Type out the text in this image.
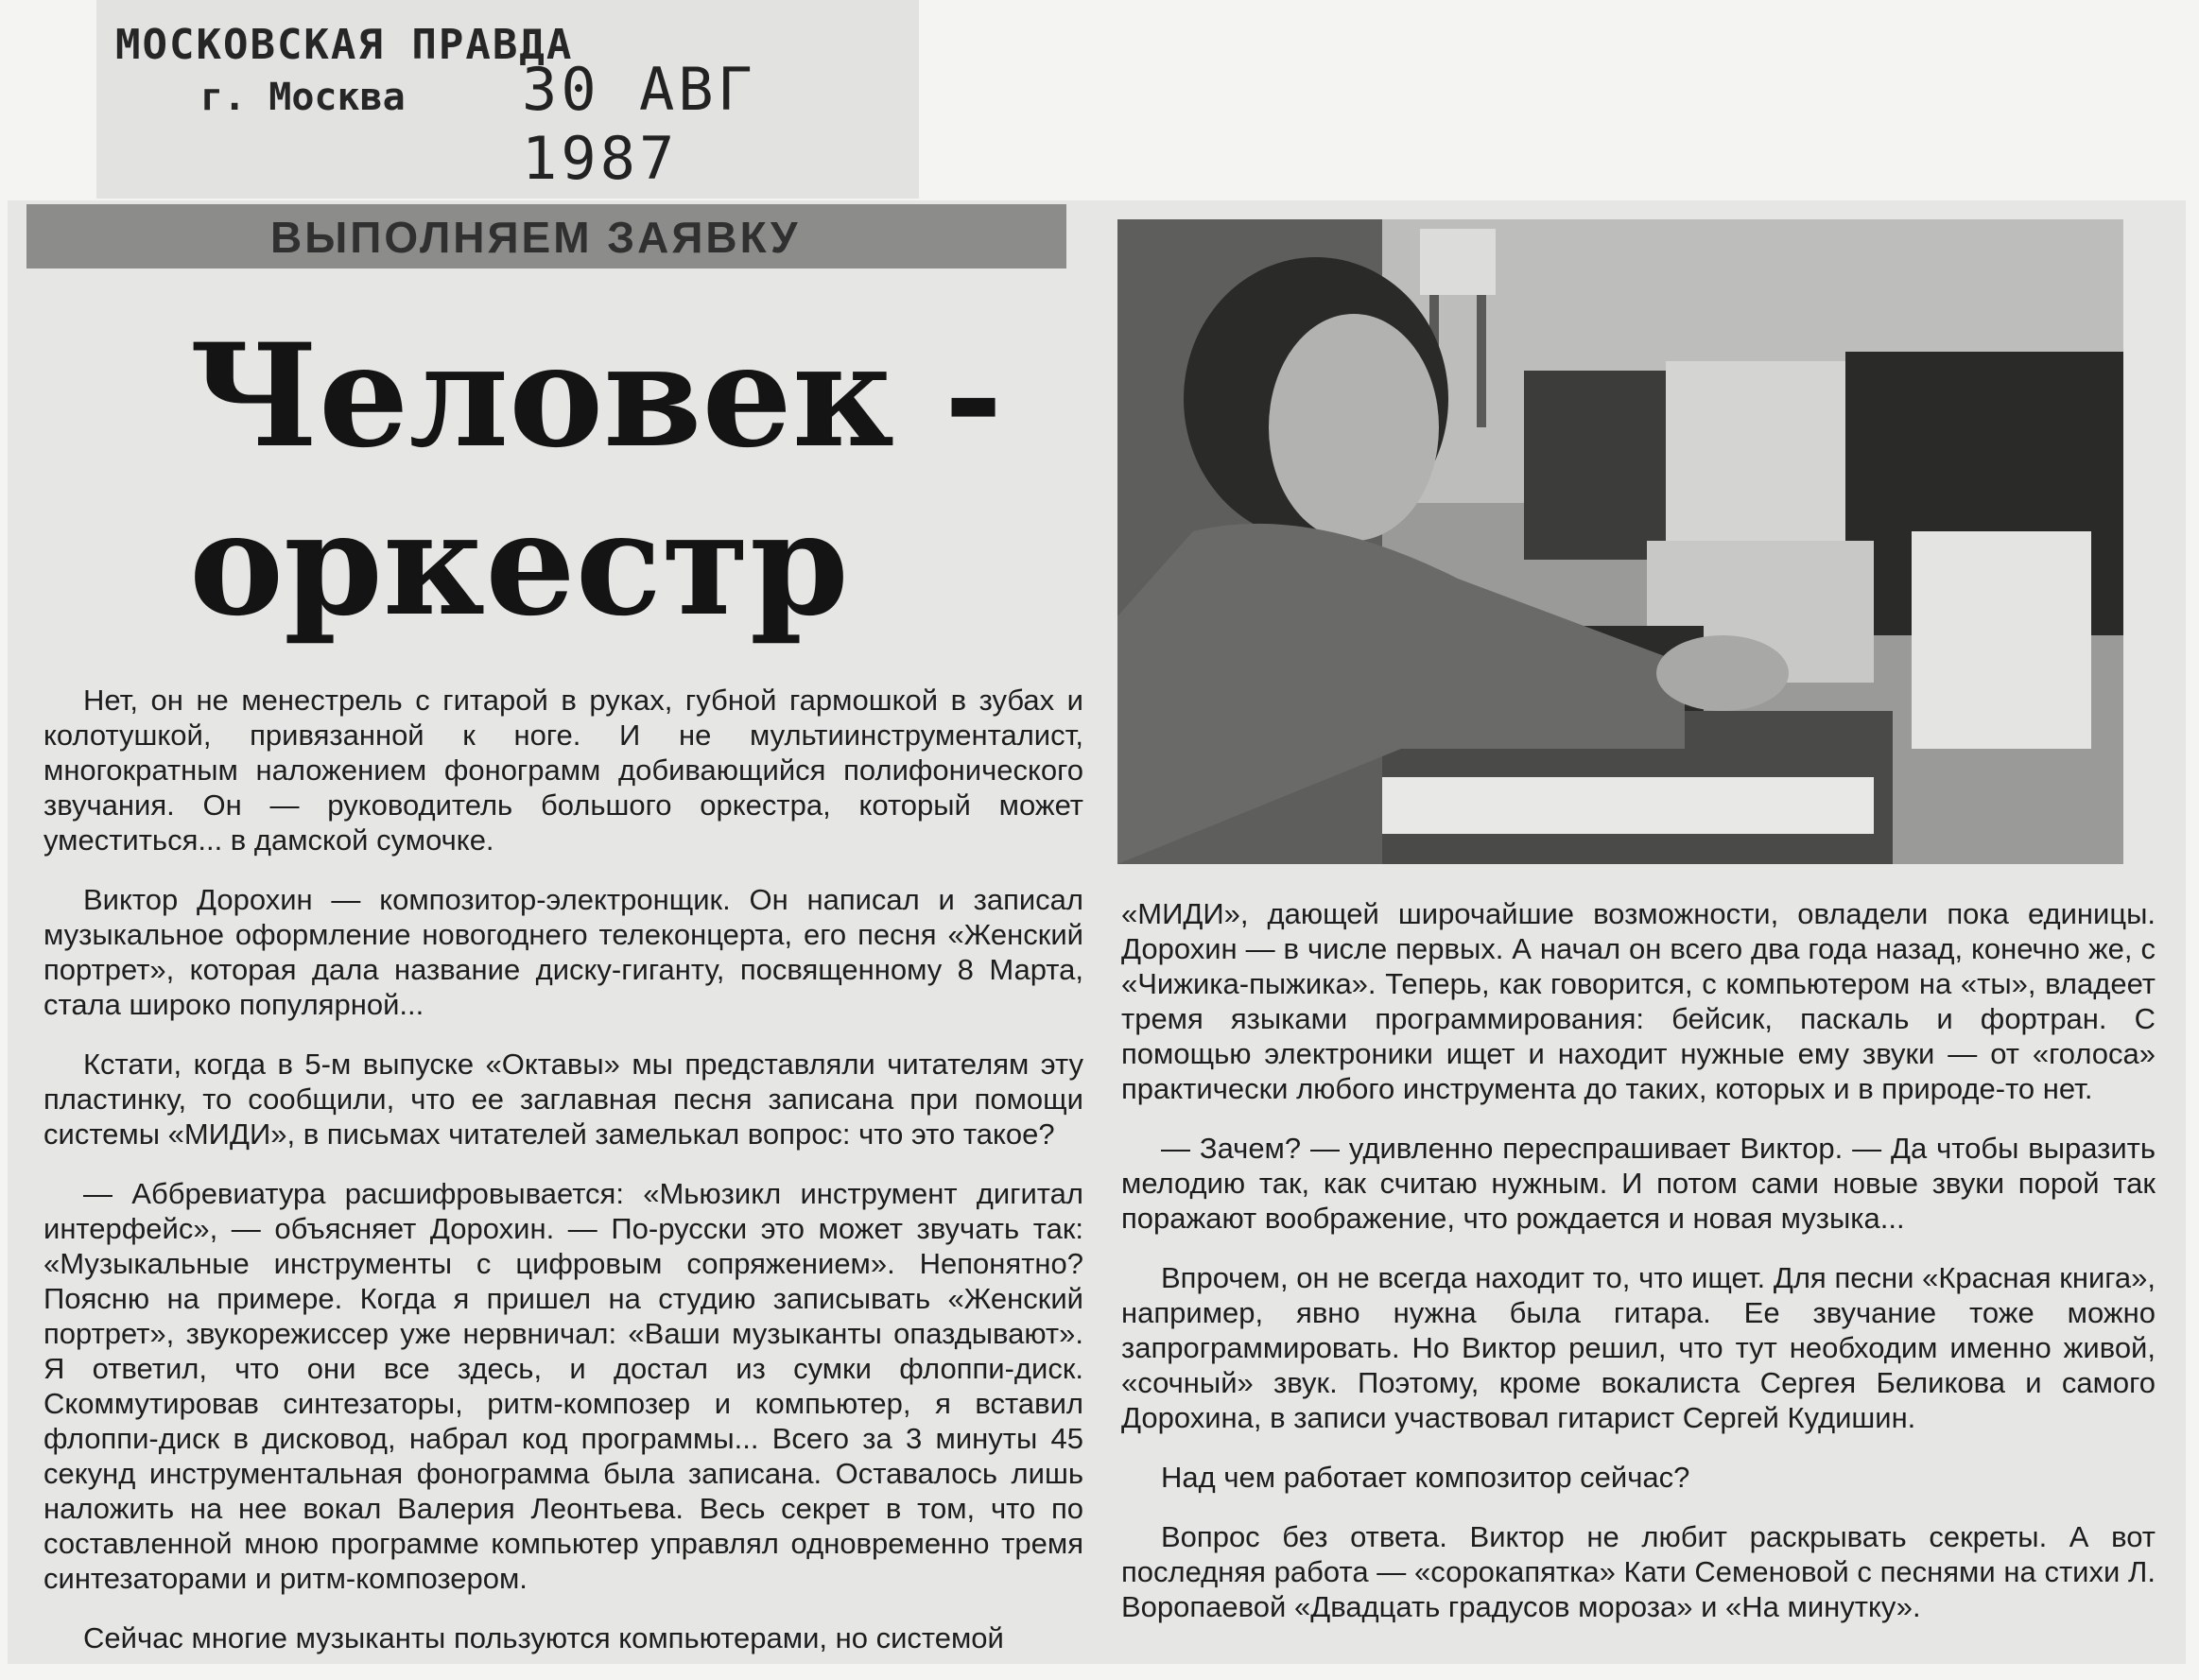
МОСКОВСКАЯ ПРАВДА
г. Москва 30 АВГ 1987
ВЫПОЛНЯЕМ ЗАЯВКУ
Человек -
оркестр

Нет, он не менестрель с гитарой в руках, губной гармошкой в зубах и колотушкой, привязанной к ноге. И не мультиинструменталист, многократным наложением фонограмм добивающийся полифонического звучания. Он — руководитель большого оркестра, который может уместиться... в дамской сумочке.

Виктор Дорохин — композитор-электронщик. Он написал и записал музыкальное оформление новогоднего телеконцерта, его песня «Женский портрет», которая дала название диску-гиганту, посвященному 8 Марта, стала широко популярной...

Кстати, когда в 5-м выпуске «Октавы» мы представляли читателям эту пластинку, то сообщили, что ее заглавная песня записана при помощи системы «МИДИ», в письмах читателей замелькал вопрос: что это такое?

— Аббревиатура расшифровывается: «Мьюзикл инструмент дигитал интерфейс», — объясняет Дорохин. — По-русски это может звучать так: «Музыкальные инструменты с цифровым сопряжением». Непонятно? Поясню на примере. Когда я пришел на студию записывать «Женский портрет», звукорежиссер уже нервничал: «Ваши музыканты опаздывают». Я ответил, что они все здесь, и достал из сумки флоппи-диск. Скоммутировав синтезаторы, ритм-композер и компьютер, я вставил флоппи-диск в дисковод, набрал код программы... Всего за 3 минуты 45 секунд инструментальная фонограмма была записана. Оставалось лишь наложить на нее вокал Валерия Леонтьева. Весь секрет в том, что по составленной мною программе компьютер управлял одновременно тремя синтезаторами и ритм-композером.

Сейчас многие музыканты пользуются компьютерами, но системой

«МИДИ», дающей широчайшие возможности, овладели пока единицы. Дорохин — в числе первых. А начал он всего два года назад, конечно же, с «Чижика-пыжика». Теперь, как говорится, с компьютером на «ты», владеет тремя языками программирования: бейсик, паскаль и фортран. С помощью электроники ищет и находит нужные ему звуки — от «голоса» практически любого инструмента до таких, которых и в природе-то нет.

— Зачем? — удивленно переспрашивает Виктор. — Да чтобы выразить мелодию так, как считаю нужным. И потом сами новые звуки порой так поражают воображение, что рождается и новая музыка...

Впрочем, он не всегда находит то, что ищет. Для песни «Красная книга», например, явно нужна была гитара. Ее звучание тоже можно запрограммировать. Но Виктор решил, что тут необходим именно живой, «сочный» звук. Поэтому, кроме вокалиста Сергея Беликова и самого Дорохина, в записи участвовал гитарист Сергей Кудишин.

Над чем работает композитор сейчас?

Вопрос без ответа. Виктор не любит раскрывать секреты. А вот последняя работа — «сорокапятка» Кати Семеновой с песнями на стихи Л. Воропаевой «Двадцать градусов мороза» и «На минутку».
